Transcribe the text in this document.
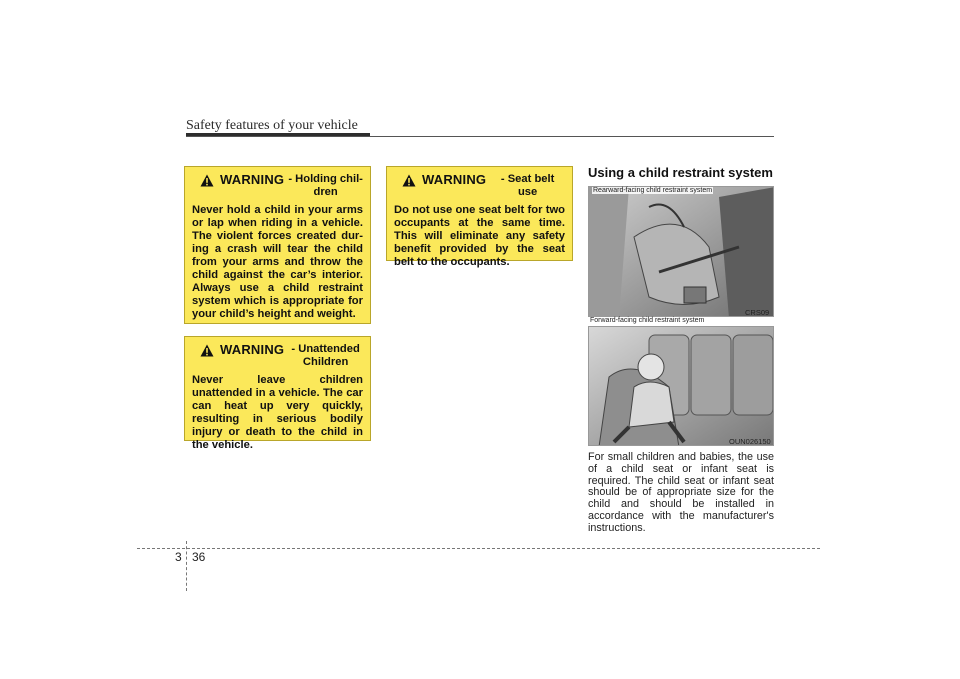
Safety features of your vehicle
WARNING - Holding chil-dren
Never hold a child in your arms or lap when riding in a vehicle. The violent forces created dur-ing a crash will tear the child from your arms and throw the child against the car’s interior. Always use a child restraint system which is appropriate for your child’s height and weight.
WARNING - Unattended Children
Never leave children unattended in a vehicle. The car can heat up very quickly, resulting in serious bodily injury or death to the child in the vehicle.
WARNING	- Seat belt use
Do not use one seat belt for two occupants at the same time. This will eliminate any safety benefit provided by the seat belt to the occupants.
Using a child restraint system
Rearward-facing child restraint system
CRS09
Forward-facing child restraint system
OUN026150
For small children and babies, the use of a child seat or infant seat is required. The child seat or infant seat should be of appropriate size for the child and should be installed in accordance with the manufacturer's instructions.
3 36
